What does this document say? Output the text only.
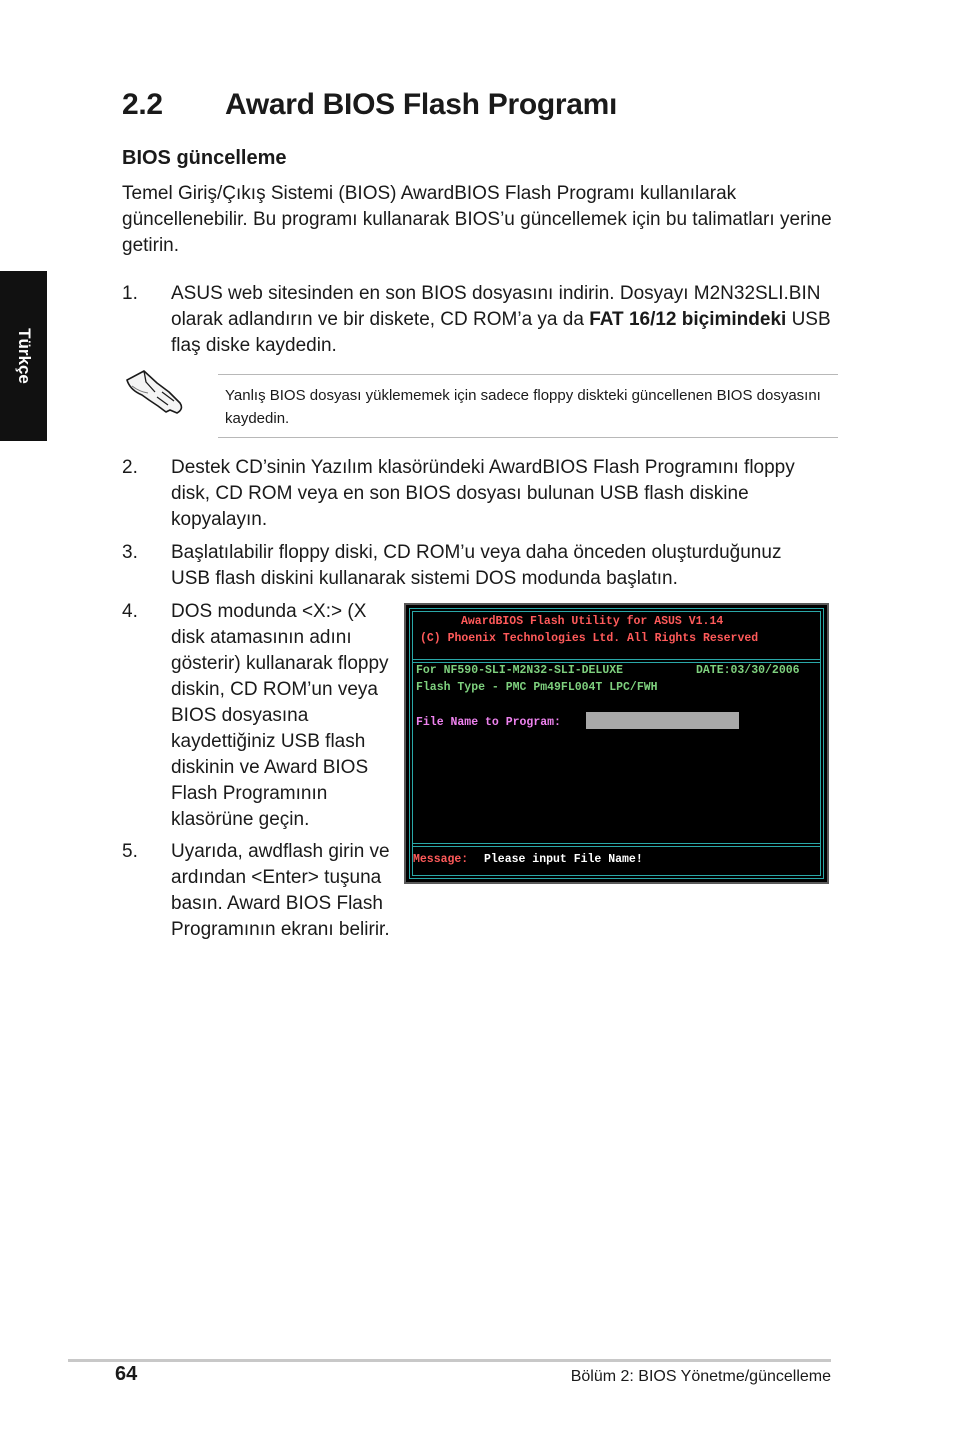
Türkçe
2.2 Award BIOS Flash Programı
BIOS güncelleme

Temel Giriş/Çıkış Sistemi (BIOS) AwardBIOS Flash Programı kullanılarak güncellenebilir. Bu programı kullanarak BIOS’u güncellemek için bu talimatları yerine getirin.

1. ASUS web sitesinden en son BIOS dosyasını indirin. Dosyayı M2N32SLI.BIN olarak adlandırın ve bir diskete, CD ROM’a ya da FAT 16/12 biçimindeki USB flaş diske kaydedin.

Yanlış BIOS dosyası yüklememek için sadece floppy diskteki güncellenen BIOS dosyasını kaydedin.

2. Destek CD’sinin Yazılım klasöründeki AwardBIOS Flash Programını floppy disk, CD ROM veya en son BIOS dosyası bulunan USB flash diskine kopyalayın.
3. Başlatılabilir floppy diski, CD ROM’u veya daha önceden oluşturduğunuz USB flash diskini kullanarak sistemi DOS modunda başlatın.
4. DOS modunda <X:> (X disk atamasının adını gösterir) kullanarak floppy diskin, CD ROM’un veya BIOS dosyasına kaydettiğiniz USB flash diskinin ve Award BIOS Flash Programının klasörüne geçin.
5. Uyarıda, awdflash girin ve ardından <Enter> tuşuna basın. Award BIOS Flash Programının ekranı belirir.
AwardBIOS Flash Utility for ASUS V1.14
(C) Phoenix Technologies Ltd. All Rights Reserved
For NF590-SLI-M2N32-SLI-DELUXE	DATE:03/30/2006
Flash Type - PMC Pm49FL004T LPC/FWH
File Name to Program:
Message: Please input File Name!
64	Bölüm 2: BIOS Yönetme/güncelleme
